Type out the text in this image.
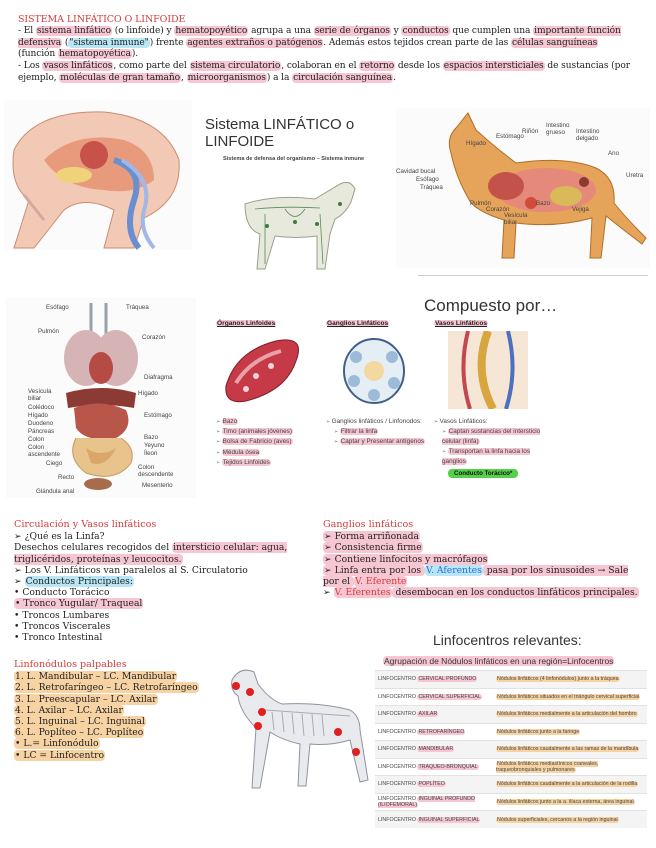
SISTEMA LINFÁTICO O LINFOIDE
- El sistema linfático (o linfoide) y hematopoyético agrupa a una serie de órganos y conductos que cumplen una importante función defensiva ("sistema inmune") frente agentes extraños o patógenos. Además estos tejidos crean parte de las células sanguíneas (función hematopoyética).
- Los vasos linfáticos, como parte del sistema circulatorio, colaboran en el retorno desde los espacios intersticiales de sustancias (por ejemplo, moléculas de gran tamaño, microorganismos) a la circulación sanguínea.
Sistema LINFÁTICO o LINFOIDE
Sistema de defensa del organismo – Sistema inmune
Riñón
Intestino grueso
Estómago
Intestino delgado
Hígado
Ano
Cavidad bucal
Esófago
Tráquea
Uretra
Pulmón
Corazón
Bazo
Vejiga
Vesícula biliar
Esófago	Tráquea
Pulmón
Corazón
Diafragma
Hígado
Vesícula biliar
Colédoco
Hígado
Duodeno
Páncreas
Colon
Colon ascendente
Ciego
Recto
Glándula anal
Estómago
Bazo
Yeyuno
Íleon
Colon descendente
Mesenterio
Compuesto por…
Órganos Linfoides
➢ Bazo
➢ Timo (animales jóvenes)
➢ Bolsa de Fabricio (aves)
➢ Médula ósea
➢ Tejidos Linfoides
Ganglios Linfáticos
➢ Ganglios linfáticos / Linfonodos:
➢ Filtrar la linfa
➢ Captar y Presentar antígenos
Vasos Linfáticos
➢ Vasos Linfáticos:
➢ Captan sustancias del intersticio celular (linfa)
➢ Transportan la linfa hacia los ganglios
Conducto Torácico*
Circulación y Vasos linfáticos
➢ ¿Qué es la Linfa?
Desechos celulares recogidos del intersticio celular: agua, triglicéridos, proteínas y leucocitos.
➢ Los V. Linfáticos van paralelos al S. Circulatorio
➢ Conductos Principales:
• Conducto Torácico
• Tronco Yugular/ Traqueal
• Troncos Lumbares
• Troncos Viscerales
• Tronco Intestinal
Ganglios linfáticos
➢ Forma arriñonada
➢ Consistencia firme
➢ Contiene linfocitos y macrófagos
➢ Linfa entra por los V. Aferentes pasa por los sinusoides → Sale por el V. Eferente
➢ V. Eferentes desembocan en los conductos linfáticos principales.
Linfonódulos palpables
1. L. Mandibular – LC. Mandibular
2. L. Retrofaríngeo – LC. Retrofaríngeo
3. L. Preescapular – LC. Axilar
4. L. Axilar – LC. Axilar
5. L. Inguinal – LC. Inguinal
6. L. Poplíteo – LC. Poplíteo
• L.= Linfonódulo
• LC = Linfocentro
Linfocentros relevantes:
Agrupación de Nódulos linfáticos en una región=Linfocentros
LINFOCENTRO CERVICAL PROFUNDO	Nódulos linfáticos (4 linfonódulos) junto a la tráquea
LINFOCENTRO CERVICAL SUPERFICIAL	Nódulos linfáticos situados en el triángulo cervical superficial
LINFOCENTRO AXILAR	Nódulos linfáticos medialmente a la articulación del hombro
LINFOCENTRO RETROFARÍNGEO	Nódulos linfáticos junto a la faringe
LINFOCENTRO MANDIBULAR	Nódulos linfáticos caudalmente a las ramas de la mandíbula
LINFOCENTRO TRAQUEO-BRONQUIAL	Nódulos linfáticos mediastínicos craneales, traqueobronquiales y pulmonares
LINFOCENTRO POPLÍTEO	Nódulos linfáticos caudalmente a la articulación de la rodilla
LINFOCENTRO INGUINAL PROFUNDO (ILIOFEMORAL)	Nódulos linfáticos junto a la a. ilíaca externa, área inguinal
LINFOCENTRO INGUINAL SUPERFICIAL	Nódulos superficiales, cercanos a la región inguinal
